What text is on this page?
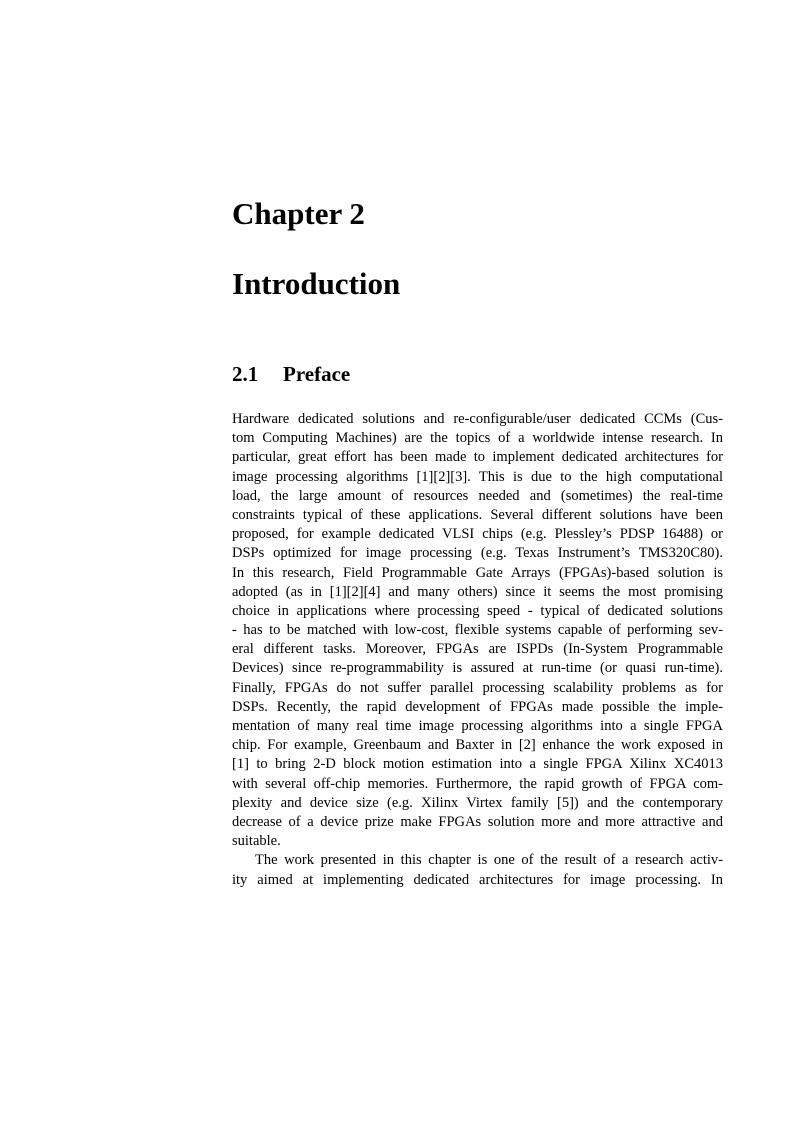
Chapter 2
Introduction
2.1 Preface
Hardware dedicated solutions and re-configurable/user dedicated CCMs (Cus-
tom Computing Machines) are the topics of a worldwide intense research. In
particular, great effort has been made to implement dedicated architectures for
image processing algorithms [1][2][3]. This is due to the high computational
load, the large amount of resources needed and (sometimes) the real-time
constraints typical of these applications. Several different solutions have been
proposed, for example dedicated VLSI chips (e.g. Plessley’s PDSP 16488) or
DSPs optimized for image processing (e.g. Texas Instrument’s TMS320C80).
In this research, Field Programmable Gate Arrays (FPGAs)-based solution is
adopted (as in [1][2][4] and many others) since it seems the most promising
choice in applications where processing speed - typical of dedicated solutions
- has to be matched with low-cost, flexible systems capable of performing sev-
eral different tasks. Moreover, FPGAs are ISPDs (In-System Programmable
Devices) since re-programmability is assured at run-time (or quasi run-time).
Finally, FPGAs do not suffer parallel processing scalability problems as for
DSPs. Recently, the rapid development of FPGAs made possible the imple-
mentation of many real time image processing algorithms into a single FPGA
chip. For example, Greenbaum and Baxter in [2] enhance the work exposed in
[1] to bring 2-D block motion estimation into a single FPGA Xilinx XC4013
with several off-chip memories. Furthermore, the rapid growth of FPGA com-
plexity and device size (e.g. Xilinx Virtex family [5]) and the contemporary
decrease of a device prize make FPGAs solution more and more attractive and
suitable.
The work presented in this chapter is one of the result of a research activ-
ity aimed at implementing dedicated architectures for image processing. In
